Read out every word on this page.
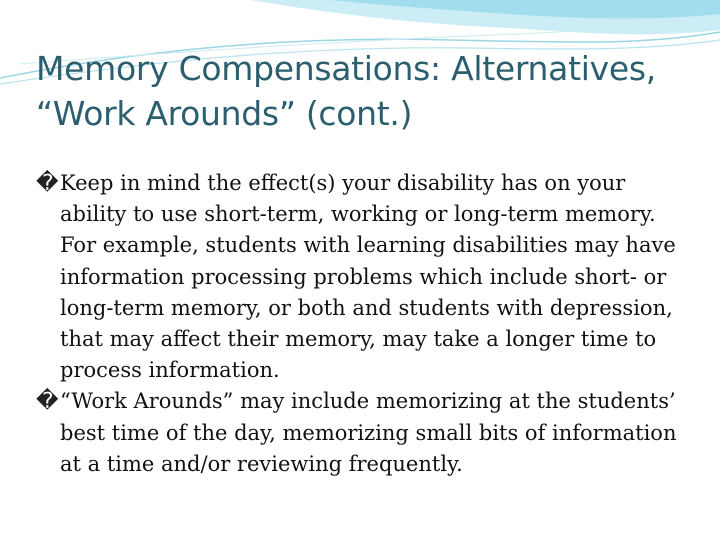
Memory Compensations: Alternatives,
“Work Arounds” (cont.)

� Keep in mind the effect(s) your disability has on your ability to use short-term, working or long-term memory. For example, students with learning disabilities may have information processing problems which include short- or long-term memory, or both and students with depression, that may affect their memory, may take a longer time to process information.

� “Work Arounds” may include memorizing at the students’ best time of the day, memorizing small bits of information at a time and/or reviewing frequently.
